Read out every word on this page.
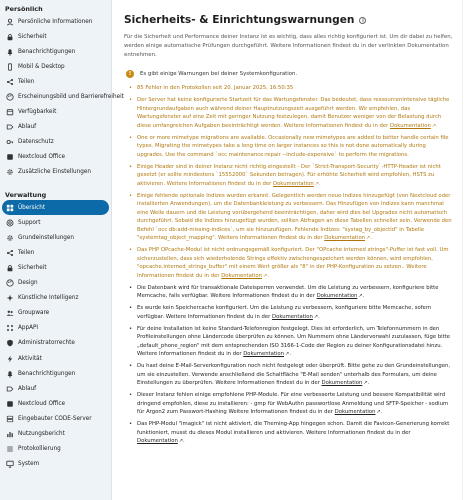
Persönlich
Persönliche Informationen
Sicherheit
Benachrichtigungen
Mobil & Desktop
Teilen
Erscheinungsbild und Barrierefreiheit
Verfügbarkeit
Ablauf
Datenschutz
Nextcloud Office
Zusätzliche Einstellungen
Verwaltung
Übersicht
Support
Grundeinstellungen
Teilen
Sicherheit
Design
Künstliche Intelligenz
Groupware
AppAPI
Administratorrechte
Aktivität
Benachrichtigungen
Ablauf
Nextcloud Office
Eingebauter CODE-Server
Nutzungsbericht
Protokollierung
System
Sicherheits- & Einrichtungswarnungen	i

Für die Sicherheit und Performance deiner Instanz ist es wichtig, dass alles richtig konfiguriert ist. Um dir dabei zu helfen, werden einige automatische Prüfungen durchgeführt. Weitere Informationen findest du in der verlinkten Dokumentation entnehmen.

!	Es gibt einige Warnungen bei deiner Systemkonfiguration.
• 85 Fehler in den Protokollen seit 20. Januar 2025, 16:50:35
• Der Server hat keine konfigurierte Startzeit für das Wartungsfenster. Das bedeutet, dass ressourcenintensive tägliche Hintergrundaufgaben auch während deiner Hauptnutzungszeit ausgeführt werden. Wir empfehlen, das Wartungsfenster auf eine Zeit mit geringer Nutzung festzulegen, damit Benutzer weniger von der Belastung durch diese umfangreichen Aufgaben beeinträchtigt werden. Weitere Informationen findest du in der Dokumentation↗.
• One or more mimetype migrations are available. Occasionally new mimetypes are added to better handle certain file types. Migrating the mimetypes take a long time on larger instances so this is not done automatically during upgrades. Use the command `occ maintenance:repair --include-expensive` to perform the migrations.
• Einige Header sind in deiner Instanz nicht richtig eingestellt - Der `Strict-Transport-Security`-HTTP-Header ist nicht gesetzt (er sollte mindestens `15552000` Sekunden betragen). Für erhöhte Sicherheit wird empfohlen, HSTS zu aktivieren. Weitere Informationen findest du in der Dokumentation↗.
• Einige fehlende optionale Indizes wurden erkannt. Gelegentlich werden neue Indizes hinzugefügt (von Nextcloud oder installierten Anwendungen), um die Datenbankleistung zu verbessern. Das Hinzufügen von Indizes kann manchmal eine Weile dauern und die Leistung vorübergehend beeinträchtigen, daher wird dies bei Upgrades nicht automatisch durchgeführt. Sobald die Indizes hinzugefügt wurden, sollten Abfragen an diese Tabellen schneller sein. Verwende den Befehl `occ db:add-missing-indices`, um sie hinzuzufügen. Fehlende Indizes: "systag_by_objectid" in Tabelle "systemtag_object_mapping". Weitere Informationen findest du in der Dokumentation↗.
• Das PHP OPcache-Modul ist nicht ordnungsgemäß konfiguriert. Der "OPcache interned strings"-Puffer ist fast voll. Um sicherzustellen, dass sich wiederholende Strings effektiv zwischengespeichert werden können, wird empfohlen, "opcache.interned_strings_buffer" mit einem Wert größer als "8" in der PHP-Konfiguration zu setzen.. Weitere Informationen findest du in der Dokumentation↗.
• Die Datenbank wird für transaktionale Dateisperren verwendet. Um die Leistung zu verbessern, konfiguriere bitte Memcache, falls verfügbar. Weitere Informationen findest du in der Dokumentation↗.
• Es wurde kein Speichercache konfiguriert. Um die Leistung zu verbessern, konfiguriere bitte Memcache, sofern verfügbar. Weitere Informationen findest du in der Dokumentation↗.
• Für deine Installation ist keine Standard-Telefonregion festgelegt. Dies ist erforderlich, um Telefonnummern in den Profileinstellungen ohne Ländercode überprüfen zu können. Um Nummern ohne Ländervorwahl zuzulassen, füge bitte „default_phone_region" mit dem entsprechenden ISO 3166-1-Code der Region zu deiner Konfigurationsdatei hinzu. Weitere Informationen findest du in der Dokumentation↗.
• Du hast deine E-Mail-Serverkonfiguration noch nicht festgelegt oder überprüft. Bitte gehe zu den Grundeinstellungen, um sie einzustellen. Verwende anschließend die Schaltfläche "E-Mail senden" unterhalb des Formulars, um deine Einstellungen zu überprüfen. Weitere Informationen findest du in der Dokumentation↗.
• Dieser Instanz fehlen einige empfohlene PHP-Module. Für eine verbesserte Leistung und bessere Kompatibilität wird dringend empfohlen, diese zu installieren: - gmp für WebAuthn passwortlose Anmeldung und SFTP-Speicher - sodium für Argon2 zum Passwort-Hashing Weitere Informationen findest du in der Dokumentation↗.
• Das PHP-Modul "imagick" ist nicht aktiviert, die Theming-App hingegen schon. Damit die Favicon-Generierung korrekt funktioniert, musst du dieses Modul installieren und aktivieren. Weitere Informationen findest du in der Dokumentation↗.
